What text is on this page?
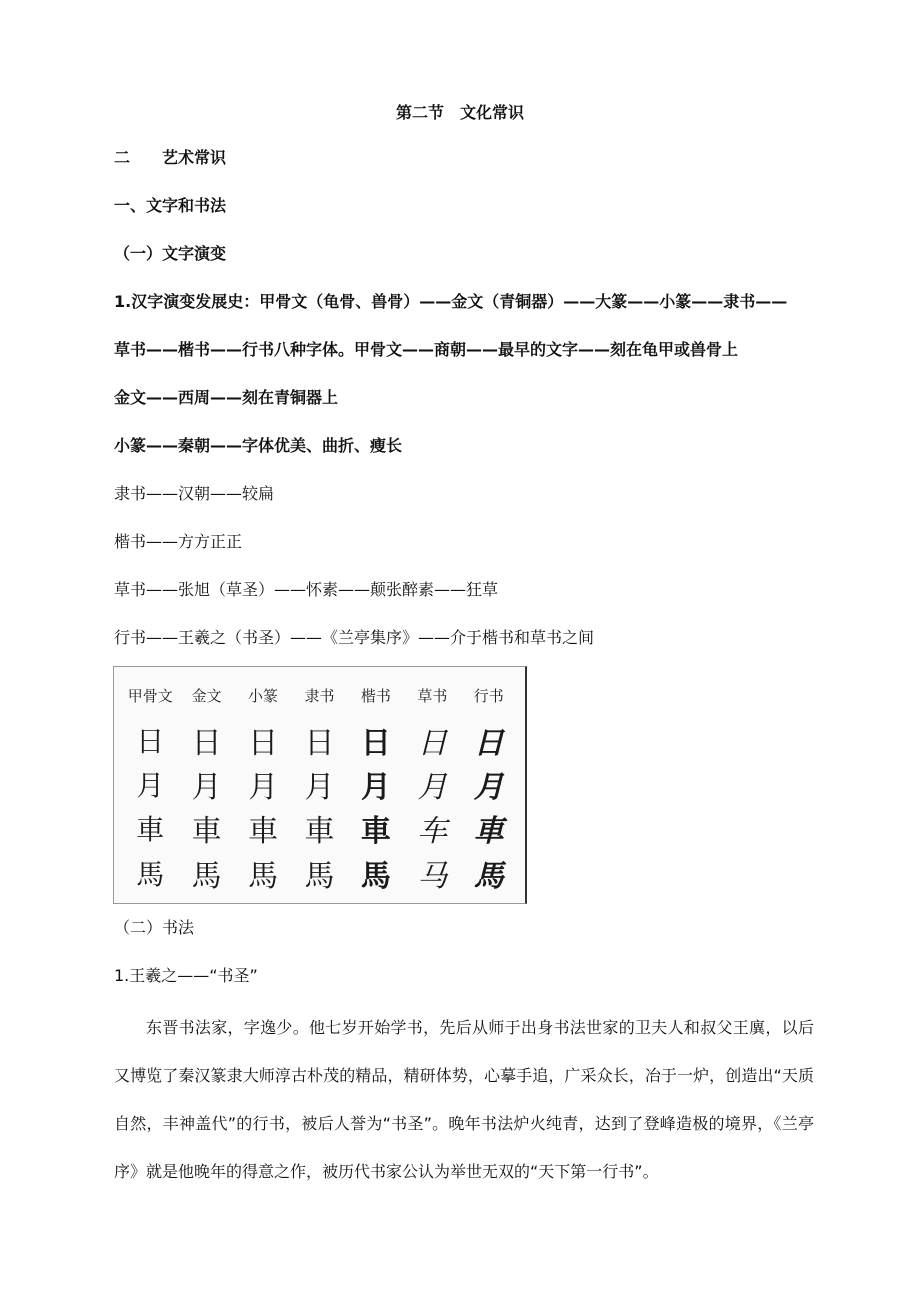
第二节　文化常识
二　　艺术常识
一、文字和书法
（一）文字演变
1.汉字演变发展史：甲骨文（龟骨、兽骨）——金文（青铜器）——大篆——小篆——隶书——
草书——楷书——行书八种字体。甲骨文——商朝——最早的文字——刻在龟甲或兽骨上
金文——西周——刻在青铜器上
小篆——秦朝——字体优美、曲折、瘦长
隶书——汉朝——较扁
楷书——方方正正
草书——张旭（草圣）——怀素——颠张醉素——狂草
行书——王羲之（书圣）——《兰亭集序》——介于楷书和草书之间
甲骨文	金文	小篆	隶书	楷书	草书	行书
日 日 日 日 日 日 日
月 月 月 月 月 月 月
車 車 車 車 車 车 車
馬 馬 馬 馬 馬 马 馬
（二）书法
1.王羲之——“书圣”
东晋书法家，字逸少。他七岁开始学书，先后从师于出身书法世家的卫夫人和叔父王廙，以后又博览了秦汉篆隶大师淳古朴茂的精品，精研体势，心摹手追，广采众长，冶于一炉，创造出“天质自然，丰神盖代”的行书，被后人誉为“书圣”。晚年书法炉火纯青，达到了登峰造极的境界，《兰亭序》就是他晚年的得意之作，被历代书家公认为举世无双的“天下第一行书”。
